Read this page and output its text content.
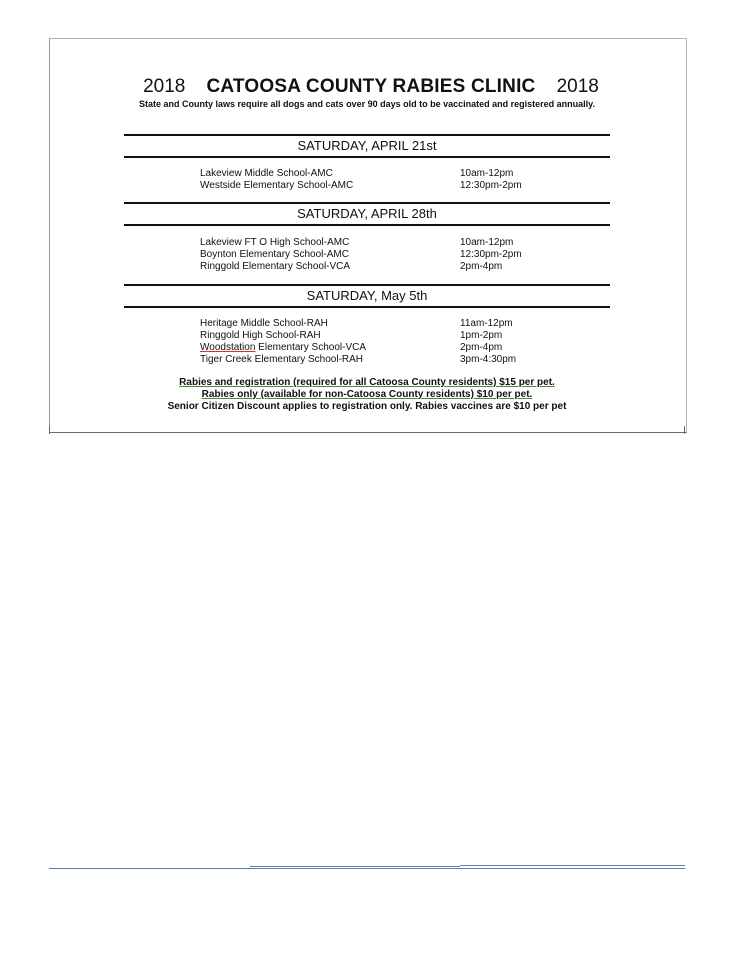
2018 CATOOSA COUNTY RABIES CLINIC 2018
State and County laws require all dogs and cats over 90 days old to be vaccinated and registered annually.
SATURDAY, APRIL 21st
Lakeview Middle School-AMC	10am-12pm
Westside Elementary School-AMC	12:30pm-2pm
SATURDAY, APRIL 28th
Lakeview FT O High School-AMC	10am-12pm
Boynton Elementary School-AMC	12:30pm-2pm
Ringgold Elementary School-VCA	2pm-4pm
SATURDAY, May 5th
Heritage Middle School-RAH	11am-12pm
Ringgold High School-RAH	1pm-2pm
Woodstation Elementary School-VCA	2pm-4pm
Tiger Creek Elementary School-RAH	3pm-4:30pm
Rabies and registration (required for all Catoosa County residents) $15 per pet.
Rabies only (available for non-Catoosa County residents) $10 per pet.
Senior Citizen Discount applies to registration only. Rabies vaccines are $10 per pet
